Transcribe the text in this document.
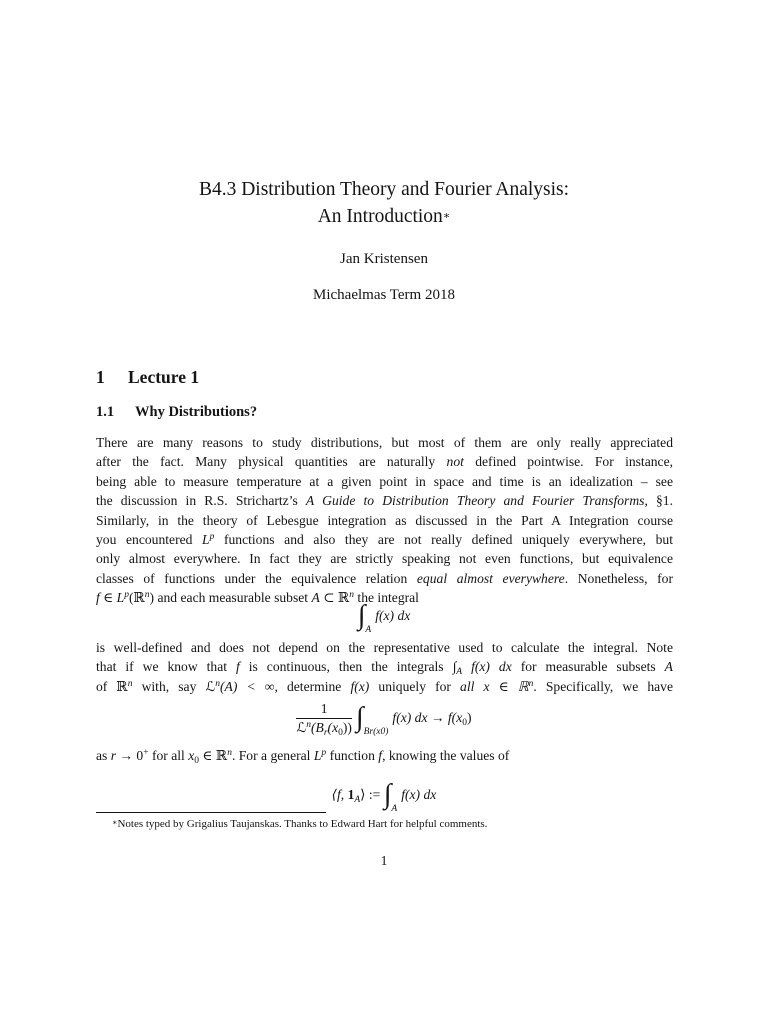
B4.3 Distribution Theory and Fourier Analysis:
An Introduction∗
Jan Kristensen
Michaelmas Term 2018
1 Lecture 1
1.1 Why Distributions?
There are many reasons to study distributions, but most of them are only really appreciated
after the fact. Many physical quantities are naturally not defined pointwise. For instance,
being able to measure temperature at a given point in space and time is an idealization – see
the discussion in R.S. Strichartz’s A Guide to Distribution Theory and Fourier Transforms, §1.
Similarly, in the theory of Lebesgue integration as discussed in the Part A Integration course
you encountered $L^p$ functions and also they are not really defined uniquely everywhere, but
only almost everywhere. In fact they are strictly speaking not even functions, but equivalence
classes of functions under the equivalence relation equal almost everywhere. Nonetheless, for
f ∈ $L^p(ℝ^n)$ and each measurable subset A ⊂ ℝ$^n$ the integral
$\int_Af(x)$ dx
is well-defined and does not depend on the representative used to calculate the integral. Note
that if we know that f is continuous, then the integrals $\int_A$ f(x) dx for measurable subsets A
of ℝ$^n$ with, say ℒ$^n$(A) < ∞, determine f(x) uniquely for all x ∈ ℝ$^n$. Specifically, we have
$\frac{1}{ℒ^n(B_r(x_0))} \int_{Br(x0)}f(x)$ dx → $f(x_0)$
as r → 0+ for all $x_0$ ∈ ℝ$^n$. For a general $L^p$ function f, knowing the values of
⟨f, $1_A⟩$ := $\int_Af(x)$ dx
∗Notes typed by Grigalius Taujanskas. Thanks to Edward Hart for helpful comments.
1
